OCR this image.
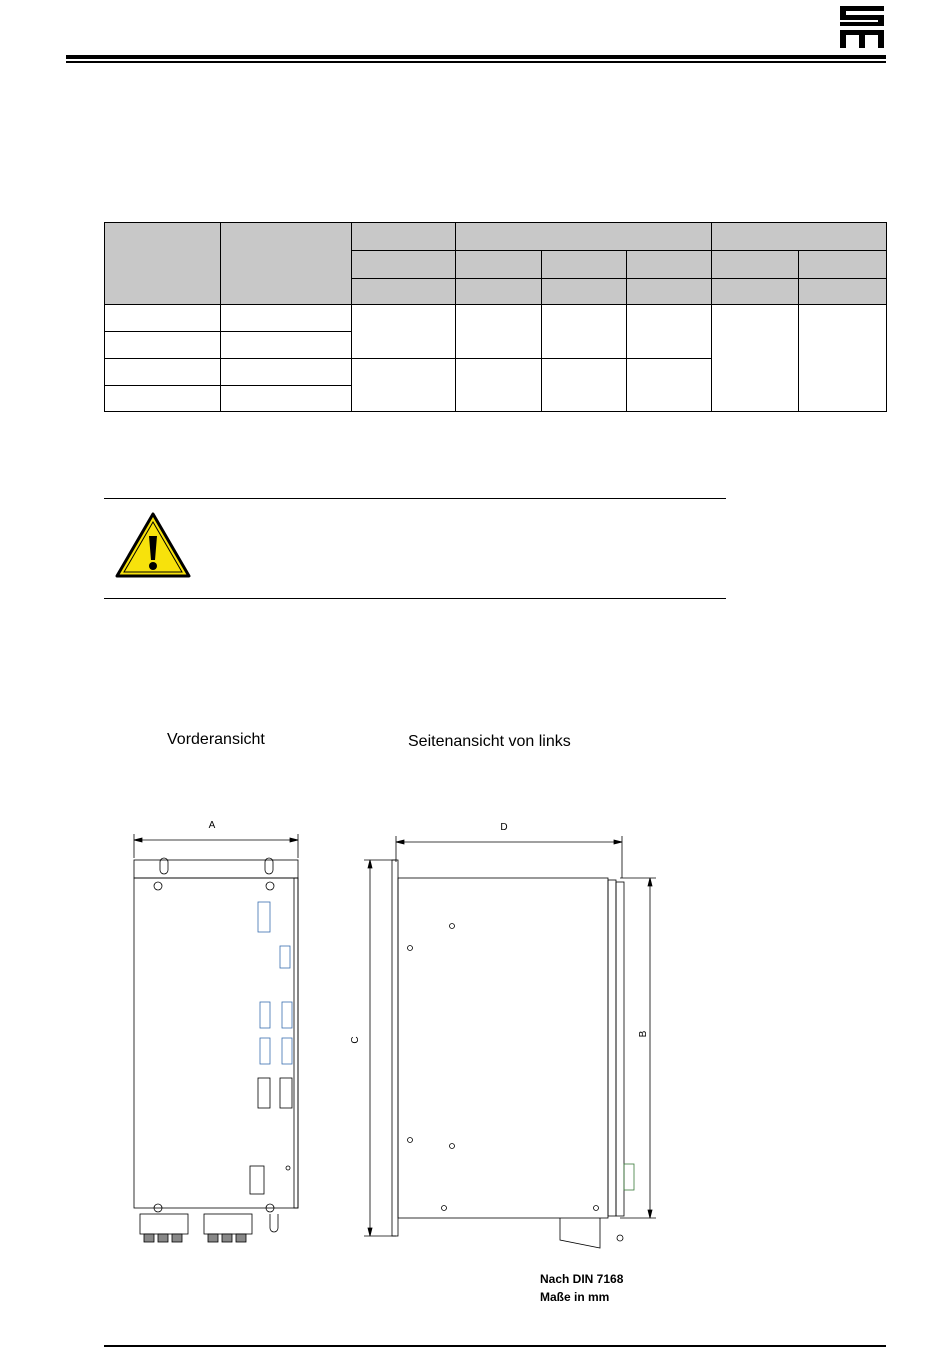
Vorderansicht	Seitenansicht von links
A	D
C
B
Nach DIN 7168
Maße in mm
